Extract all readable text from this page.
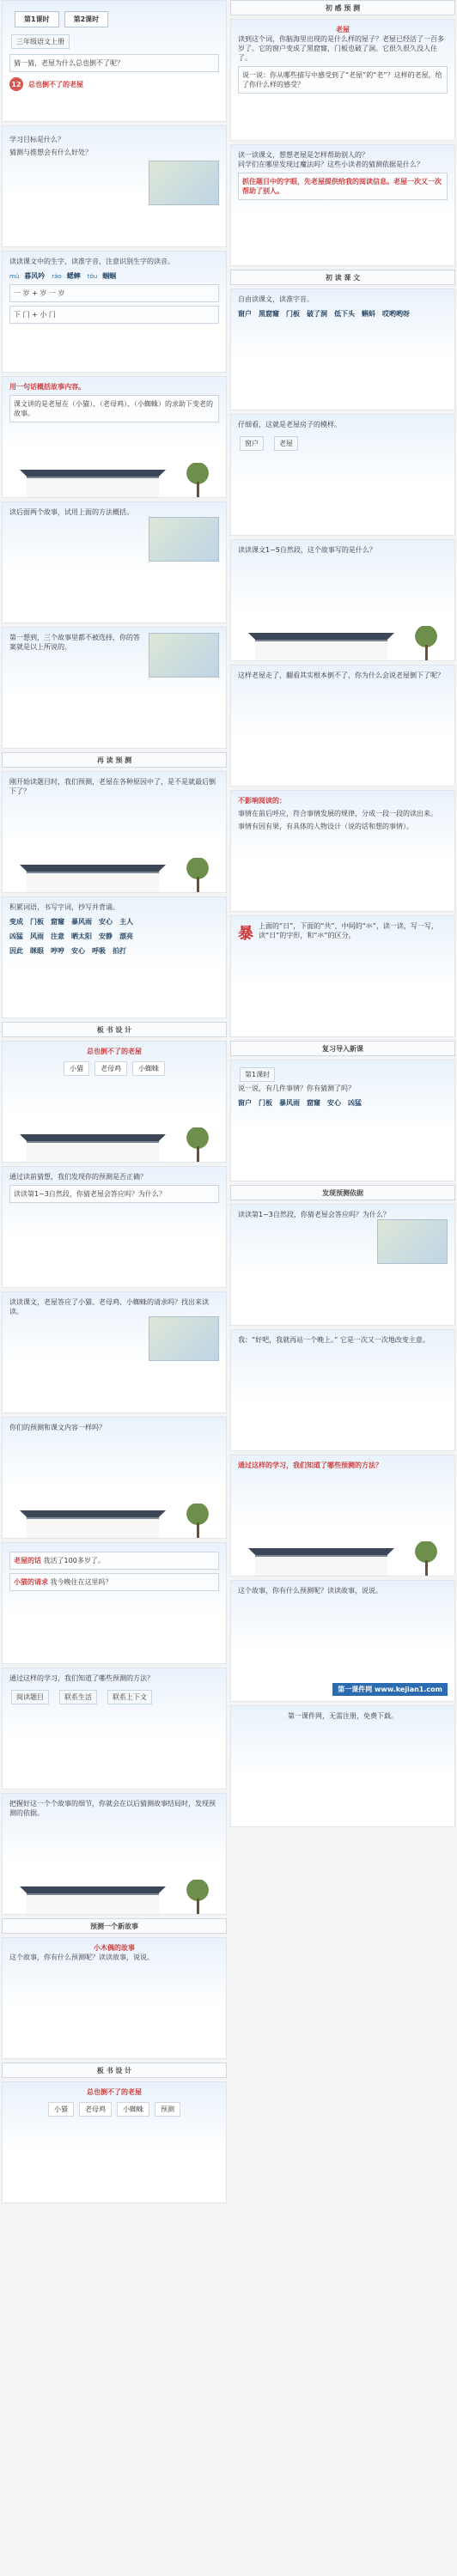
第1课时	第2课时
三年级语文上册
猜一猜，老屋为什么总也倒不了呢？
12	总也倒不了的老屋
学习目标是什么？
猜测与推想会有什么好处？
读读课文中的生字，读准字音，注意识别生字的读音。
mù 暮风吟 ráo 蟋蟀 tóu 蝈蝈
一 岁 + 岁 一 岁
下 门 + 小 门
用一句话概括故事内容。
课文讲的是老屋在（小猫）、（老母鸡）、（小蜘蛛）的求助下变老的故事。
读后面两个故事，试用上面的方法概括。
第一想到，三个故事里都不被选择，你的答案就是以上所说的。
再 读 预 测
刚开始读题目时，我们预测，老屋在各种原因中了，是不是就最后倒下了？
积累词语，书写字词，抄写并背诵。
变成 门板 窟窿 暴风雨 安心 主人
凶猛 风雨 注意 晒太阳 安静 漂亮
因此 眯眼 哼哼 安心 呼吸 拍打
板 书 设 计
总也倒不了的老屋
小猫	老母鸡	小蜘蛛
通过读前猜想，我们发现你的预测是否正确？
读读第1~3自然段，你猜老屋会答应吗？为什么？
读读课文，老屋答应了小猫、老母鸡、小蜘蛛的请求吗？找出来读读。
你们的预测和课文内容一样吗？
老屋的话 我活了100多岁了。
小猫的请求 我今晚住在这里吗？
通过这样的学习，我们知道了哪些预测的方法？
阅读题目	联系生活	联系上下文
把握好这一个个故事的细节，你就会在以后猜测故事结局时，发现预测的依据。
预测一个新故事
小木偶的故事
这个故事，你有什么预测呢？读读故事，说说。
板 书 设 计
总也倒不了的老屋
小猫	老母鸡	小蜘蛛	预测
初 感 预 测
老屋
读到这个词，你脑海里出现的是什么样的屋子？老屋已经活了一百多岁了。它的窗户变成了黑窟窿，门板也破了洞。它很久很久没人住了。
说一说：你从哪些描写中感受到了“老屋”的“老”？这样的老屋，给了你什么样的感受？
读一读课文，想想老屋是怎样帮助别人的？
同学们在哪里发现过魔法吗？这些小读者的猜测依据是什么？
抓住题目中的字眼，先老屋提供给我的阅读信息。老屋一次又一次帮助了别人。
初 读 课 文
自由读课文，读准字音。
窗户 黑窟窿 门板 破了洞 低下头 蝌蚪 哎哟哟呀
仔细看，这就是老屋房子的模样。
窗户	老屋
读读课文1~5自然段，这个故事写的是什么？
这样老屋走了，翻看其实根本倒不了，你为什么会说老屋倒下了呢？
不影响阅读的：
事情在前后呼应，符合事情发展的规律，分成一段一段的读出来。
事情有因有果，有具体的人物设计（说的话和想的事情）。
暴 上面的“日”，下面的“共”，中间的“氺”，读一读，写一写，读“日”的字形，和“氺”的区分。
复习导入新课
第1课时
说一说，有几件事情？你有猜测了吗？
窗户 门板 暴风雨 窟窿 安心 凶猛
发现预测依据
读读第1~3自然段，你猜老屋会答应吗？为什么？
我：“好吧，我就再站一个晚上。” 它是一次又一次地改变主意。
通过这样的学习，我们知道了哪些预测的方法？
这个故事，你有什么预测呢？读读故事，说说。
第一课件网 www.kejian1.com
第一课件网，无需注册，免费下载。
